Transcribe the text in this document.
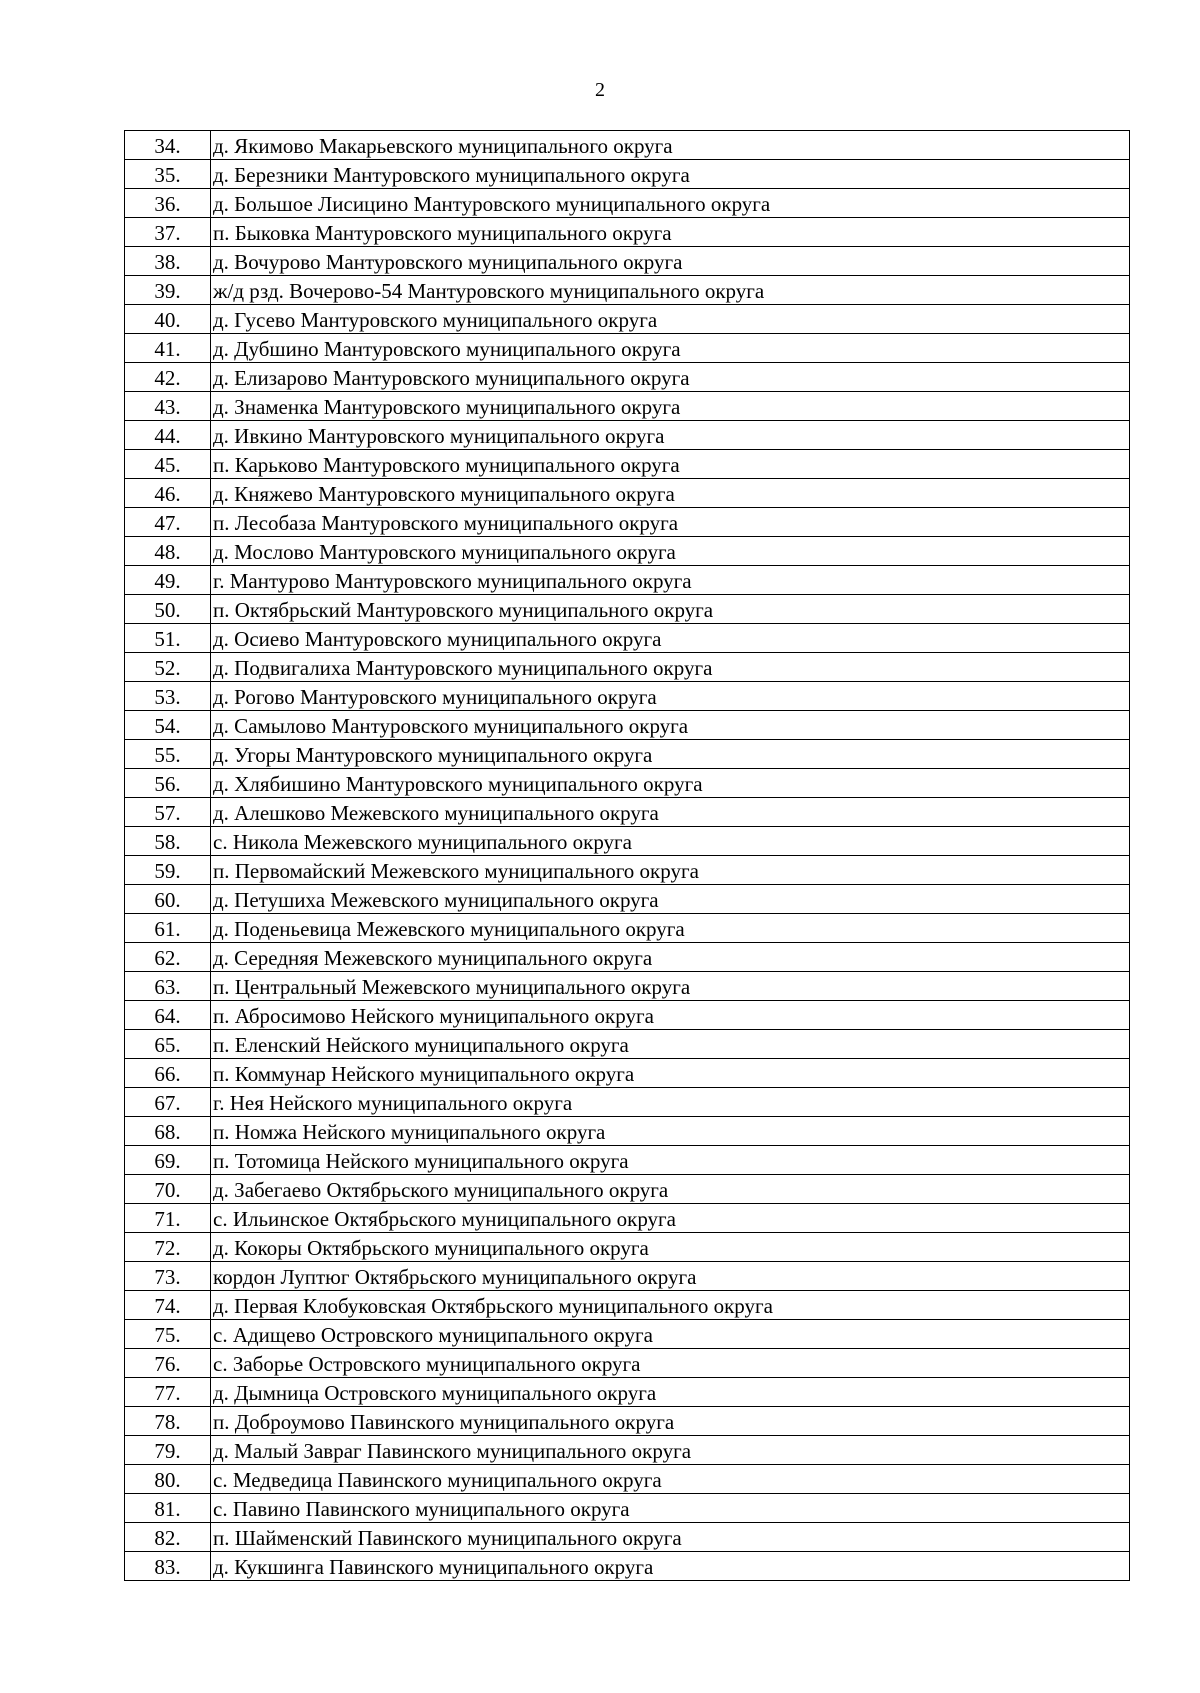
2
34.	д. Якимово Макарьевского муниципального округа
35.	д. Березники Мантуровского муниципального округа
36.	д. Большое Лисицино Мантуровского муниципального округа
37.	п. Быковка Мантуровского муниципального округа
38.	д. Вочурово Мантуровского муниципального округа
39.	ж/д рзд. Вочерово-54 Мантуровского муниципального округа
40.	д. Гусево Мантуровского муниципального округа
41.	д. Дубшино Мантуровского муниципального округа
42.	д. Елизарово Мантуровского муниципального округа
43.	д. Знаменка Мантуровского муниципального округа
44.	д. Ивкино Мантуровского муниципального округа
45.	п. Карьково Мантуровского муниципального округа
46.	д. Княжево Мантуровского муниципального округа
47.	п. Лесобаза Мантуровского муниципального округа
48.	д. Мослово Мантуровского муниципального округа
49.	г. Мантурово Мантуровского муниципального округа
50.	п. Октябрьский Мантуровского муниципального округа
51.	д. Осиево Мантуровского муниципального округа
52.	д. Подвигалиха Мантуровского муниципального округа
53.	д. Рогово Мантуровского муниципального округа
54.	д. Самылово Мантуровского муниципального округа
55.	д. Угоры Мантуровского муниципального округа
56.	д. Хлябишино Мантуровского муниципального округа
57.	д. Алешково Межевского муниципального округа
58.	с. Никола Межевского муниципального округа
59.	п. Первомайский Межевского муниципального округа
60.	д. Петушиха Межевского муниципального округа
61.	д. Поденьевица Межевского муниципального округа
62.	д. Середняя Межевского муниципального округа
63.	п. Центральный Межевского муниципального округа
64.	п. Абросимово Нейского муниципального округа
65.	п. Еленский Нейского муниципального округа
66.	п. Коммунар Нейского муниципального округа
67.	г. Нея Нейского муниципального округа
68.	п. Номжа Нейского муниципального округа
69.	п. Тотомица Нейского муниципального округа
70.	д. Забегаево Октябрьского муниципального округа
71.	с. Ильинское Октябрьского муниципального округа
72.	д. Кокоры Октябрьского муниципального округа
73.	кордон Луптюг Октябрьского муниципального округа
74.	д. Первая Клобуковская Октябрьского муниципального округа
75.	с. Адищево Островского муниципального округа
76.	с. Заборье Островского муниципального округа
77.	д. Дымница Островского муниципального округа
78.	п. Доброумово Павинского муниципального округа
79.	д. Малый Завраг Павинского муниципального округа
80.	с. Медведица Павинского муниципального округа
81.	с. Павино Павинского муниципального округа
82.	п. Шайменский Павинского муниципального округа
83.	д. Кукшинга Павинского муниципального округа
